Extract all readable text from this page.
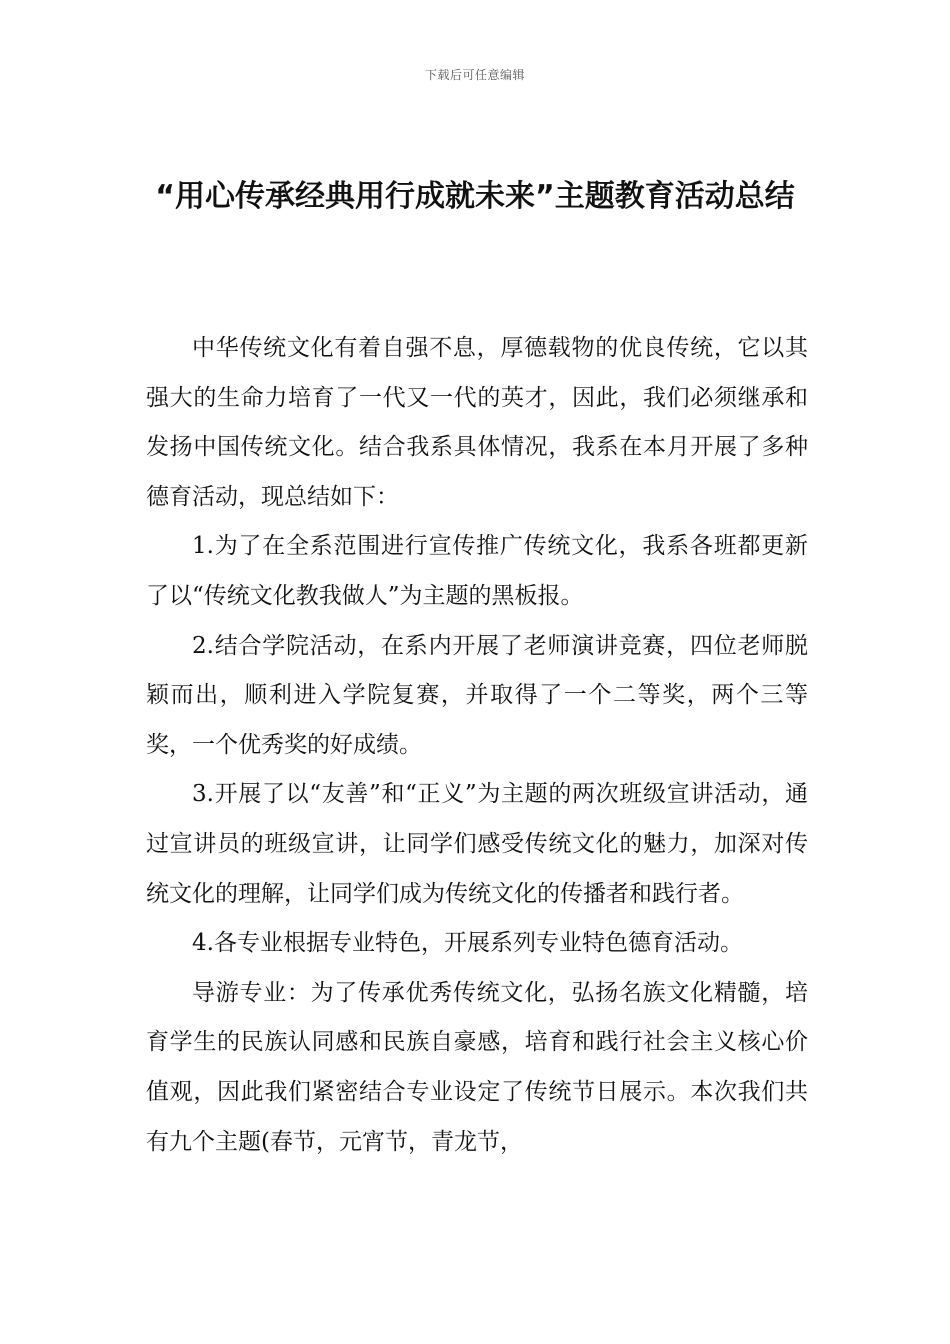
下载后可任意编辑
“用心传承经典用行成就未来”主题教育活动总结

中华传统文化有着自强不息，厚德载物的优良传统，它以其强大的生命力培育了一代又一代的英才，因此，我们必须继承和发扬中国传统文化。结合我系具体情况，我系在本月开展了多种德育活动，现总结如下：

1.为了在全系范围进行宣传推广传统文化，我系各班都更新了以“传统文化教我做人”为主题的黑板报。

2.结合学院活动，在系内开展了老师演讲竞赛，四位老师脱颖而出，顺利进入学院复赛，并取得了一个二等奖，两个三等奖，一个优秀奖的好成绩。

3.开展了以“友善”和“正义”为主题的两次班级宣讲活动，通过宣讲员的班级宣讲，让同学们感受传统文化的魅力，加深对传统文化的理解，让同学们成为传统文化的传播者和践行者。

4.各专业根据专业特色，开展系列专业特色德育活动。

导游专业：为了传承优秀传统文化，弘扬名族文化精髓，培育学生的民族认同感和民族自豪感，培育和践行社会主义核心价值观，因此我们紧密结合专业设定了传统节日展示。本次我们共有九个主题(春节，元宵节，青龙节，
